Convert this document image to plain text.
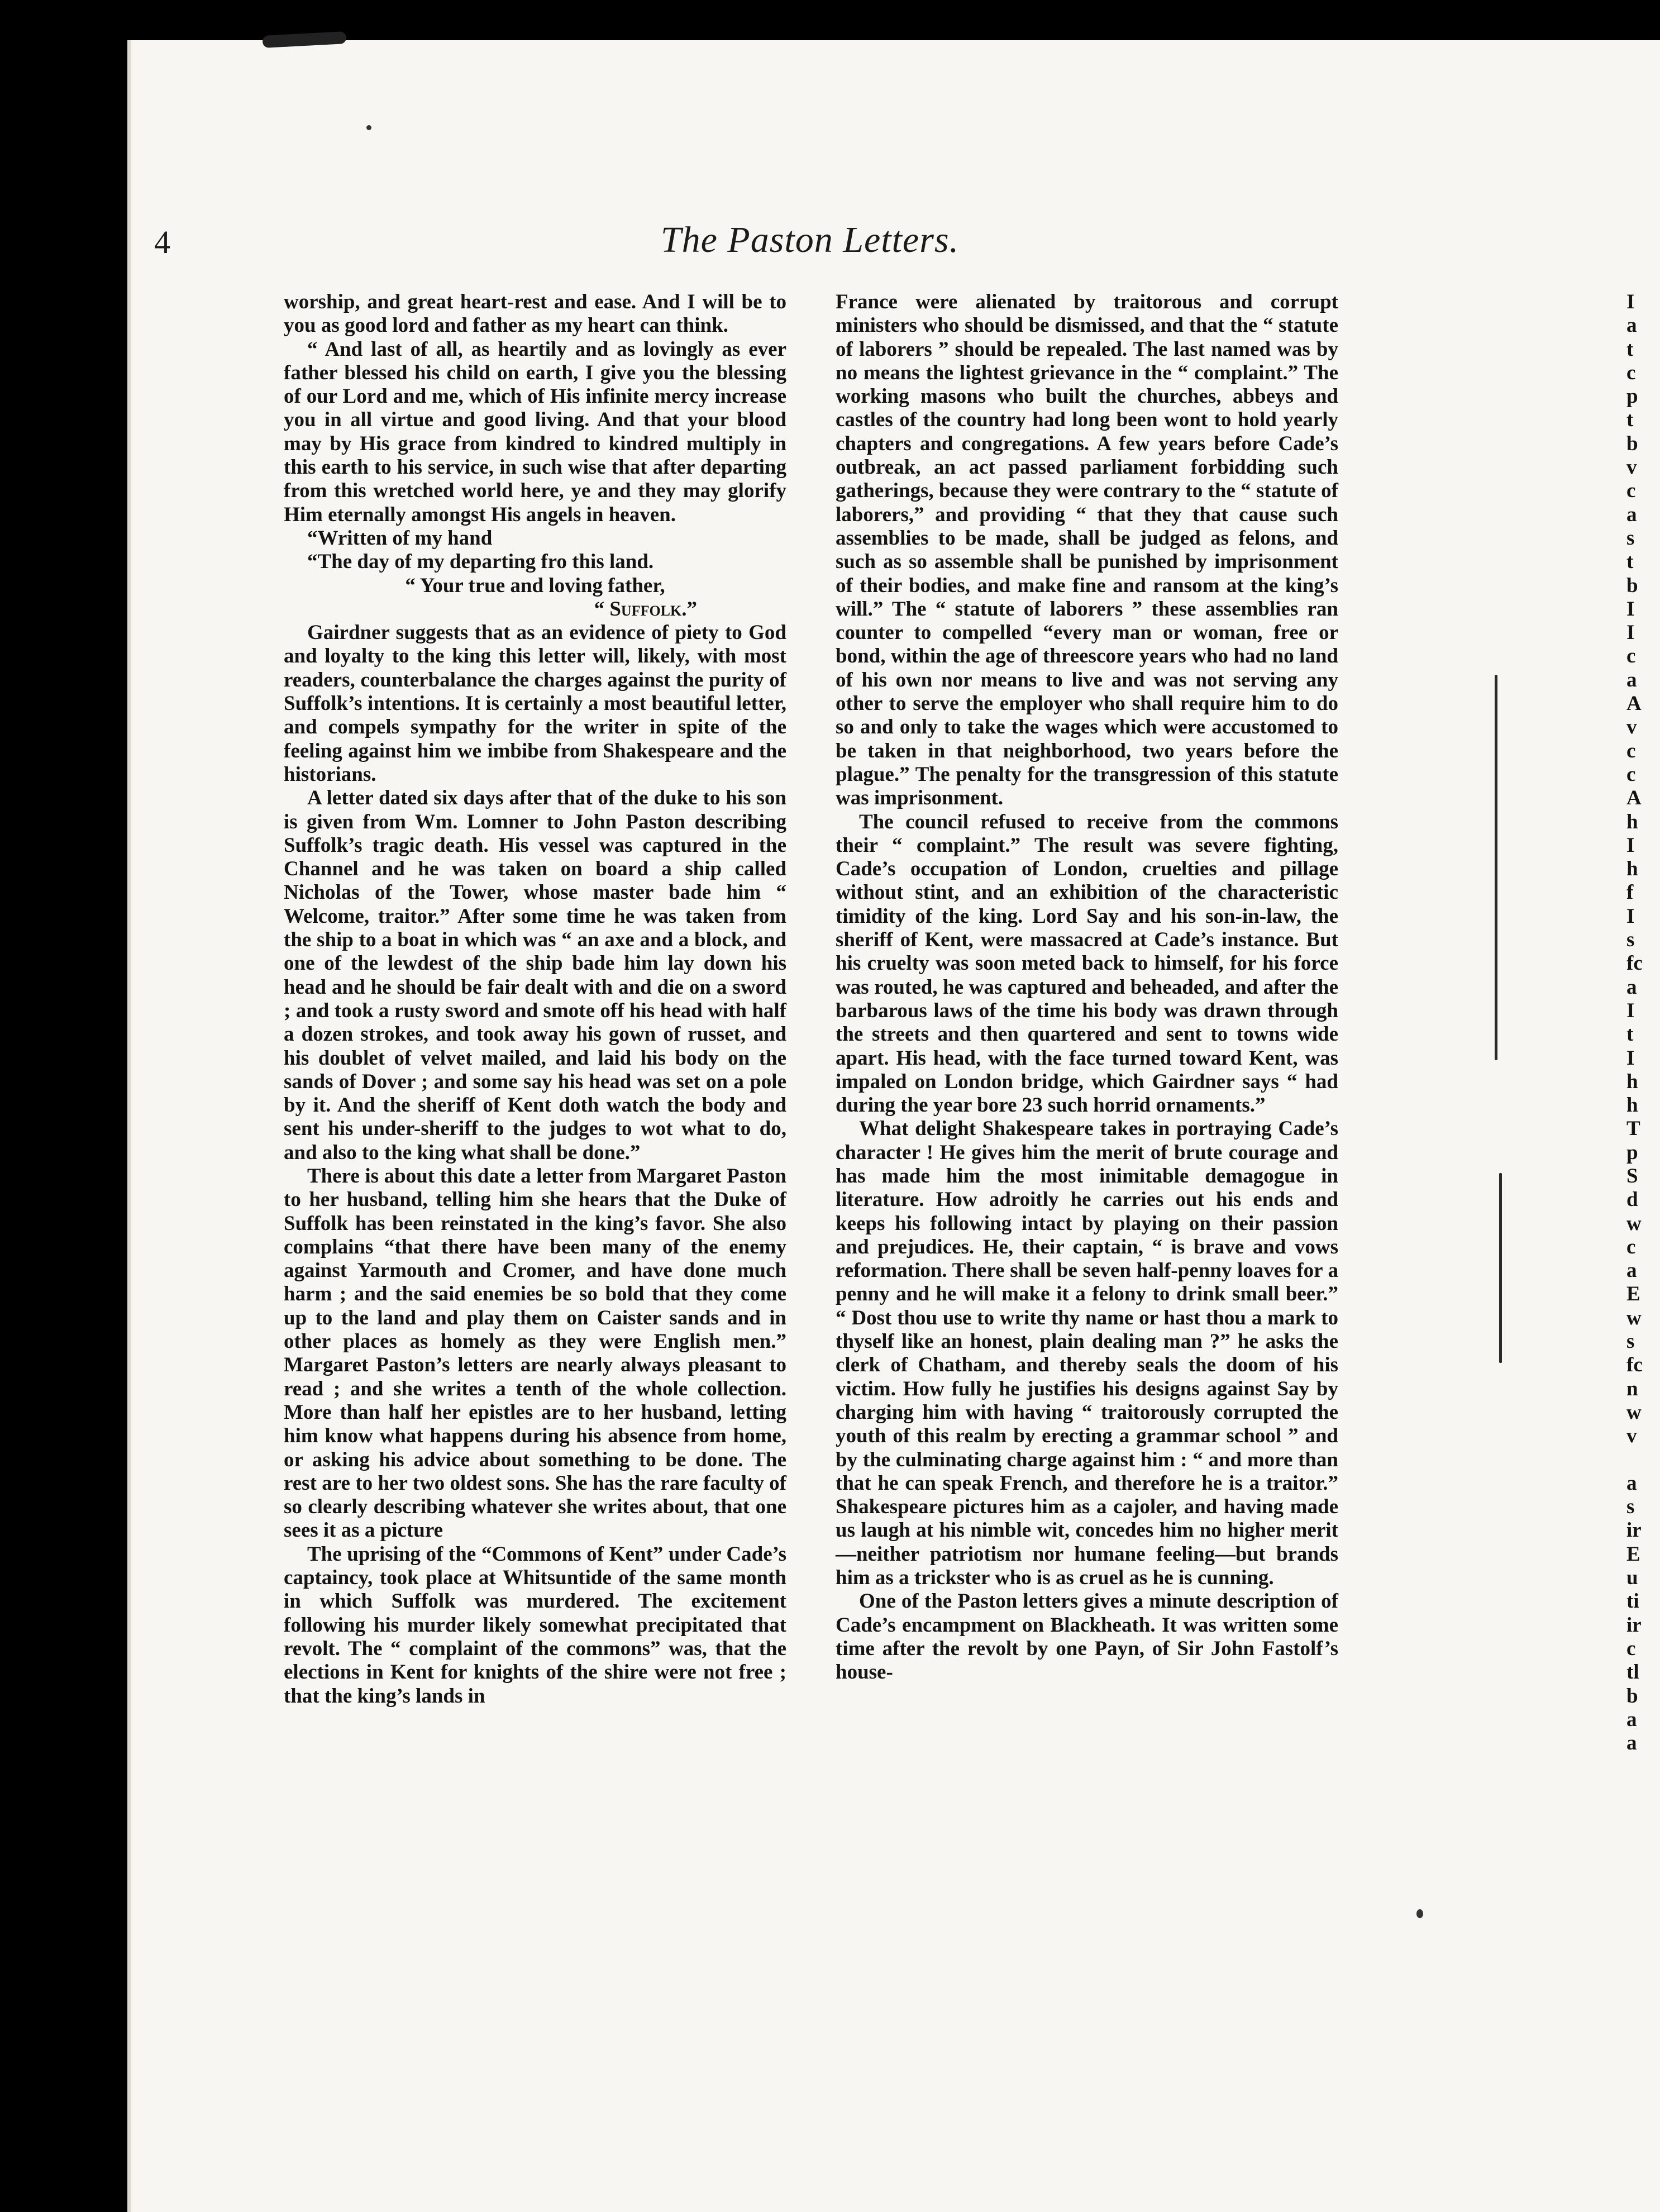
4	The Paston Letters.

worship, and great heart-rest and ease. And I will be to you as good lord and father as my heart can think.

“ And last of all, as heartily and as lovingly as ever father blessed his child on earth, I give you the blessing of our Lord and me, which of His infinite mercy increase you in all virtue and good living. And that your blood may by His grace from kindred to kindred multiply in this earth to his service, in such wise that after departing from this wretched world here, ye and they may glorify Him eternally amongst His angels in heaven.

“Written of my hand

“The day of my departing fro this land.

“ Your true and loving father,

“ Suffolk.”

Gairdner suggests that as an evidence of piety to God and loyalty to the king this letter will, likely, with most readers, counterbalance the charges against the purity of Suffolk’s intentions. It is certainly a most beautiful letter, and compels sympathy for the writer in spite of the feeling against him we imbibe from Shakespeare and the historians.

A letter dated six days after that of the duke to his son is given from Wm. Lomner to John Paston describing Suffolk’s tragic death. His vessel was captured in the Channel and he was taken on board a ship called Nicholas of the Tower, whose master bade him “ Welcome, traitor.” After some time he was taken from the ship to a boat in which was “ an axe and a block, and one of the lewdest of the ship bade him lay down his head and he should be fair dealt with and die on a sword ; and took a rusty sword and smote off his head with half a dozen strokes, and took away his gown of russet, and his doublet of velvet mailed, and laid his body on the sands of Dover ; and some say his head was set on a pole by it. And the sheriff of Kent doth watch the body and sent his under-sheriff to the judges to wot what to do, and also to the king what shall be done.”

There is about this date a letter from Margaret Paston to her husband, telling him she hears that the Duke of Suffolk has been reinstated in the king’s favor. She also complains “that there have been many of the enemy against Yarmouth and Cromer, and have done much harm ; and the said enemies be so bold that they come up to the land and play them on Caister sands and in other places as homely as they were English men.” Margaret Paston’s letters are nearly always pleasant to read ; and she writes a tenth of the whole collection. More than half her epistles are to her husband, letting him know what happens during his absence from home, or asking his advice about something to be done. The rest are to her two oldest sons. She has the rare faculty of so clearly describing whatever she writes about, that one sees it as a picture

The uprising of the “Commons of Kent” under Cade’s captaincy, took place at Whitsuntide of the same month in which Suffolk was murdered. The excitement following his murder likely somewhat precipitated that revolt. The “ complaint of the commons” was, that the elections in Kent for knights of the shire were not free ; that the king’s lands in

France were alienated by traitorous and corrupt ministers who should be dismissed, and that the “ statute of laborers ” should be repealed. The last named was by no means the lightest grievance in the “ complaint.” The working masons who built the churches, abbeys and castles of the country had long been wont to hold yearly chapters and congregations. A few years before Cade’s outbreak, an act passed parliament forbidding such gatherings, because they were contrary to the “ statute of laborers,” and providing “ that they that cause such assemblies to be made, shall be judged as felons, and such as so assemble shall be punished by imprisonment of their bodies, and make fine and ransom at the king’s will.” The “ statute of laborers ” these assemblies ran counter to compelled “every man or woman, free or bond, within the age of threescore years who had no land of his own nor means to live and was not serving any other to serve the employer who shall require him to do so and only to take the wages which were accustomed to be taken in that neighborhood, two years before the plague.” The penalty for the transgression of this statute was imprisonment.

The council refused to receive from the commons their “ complaint.” The result was severe fighting, Cade’s occupation of London, cruelties and pillage without stint, and an exhibition of the characteristic timidity of the king. Lord Say and his son-in-law, the sheriff of Kent, were massacred at Cade’s instance. But his cruelty was soon meted back to himself, for his force was routed, he was captured and beheaded, and after the barbarous laws of the time his body was drawn through the streets and then quartered and sent to towns wide apart. His head, with the face turned toward Kent, was impaled on London bridge, which Gairdner says “ had during the year bore 23 such horrid ornaments.”

What delight Shakespeare takes in portraying Cade’s character ! He gives him the merit of brute courage and has made him the most inimitable demagogue in literature. How adroitly he carries out his ends and keeps his following intact by playing on their passion and prejudices. He, their captain, “ is brave and vows reformation. There shall be seven half-penny loaves for a penny and he will make it a felony to drink small beer.” “ Dost thou use to write thy name or hast thou a mark to thyself like an honest, plain dealing man ?” he asks the clerk of Chatham, and thereby seals the doom of his victim. How fully he justifies his designs against Say by charging him with having “ traitorously corrupted the youth of this realm by erecting a grammar school ” and by the culminating charge against him : “ and more than that he can speak French, and therefore he is a traitor.” Shakespeare pictures him as a cajoler, and having made us laugh at his nimble wit, concedes him no higher merit—neither patriotism nor humane feeling—but brands him as a trickster who is as cruel as he is cunning.

One of the Paston letters gives a minute description of Cade’s encampment on Blackheath. It was written some time after the revolt by one Payn, of Sir John Fastolf’s house-

I
a
t
c
p
t
b
v
c
a
s
t
b
I
I
c
a
A
v
c
c
A
h
I
h
f
I
s
fc
a
I
t
I
h
h
T
p
S
d
w
c
a
E
w
s
fc
n
w
v
a
s
ir
E
u
ti
ir
c
tl
b
a
a
